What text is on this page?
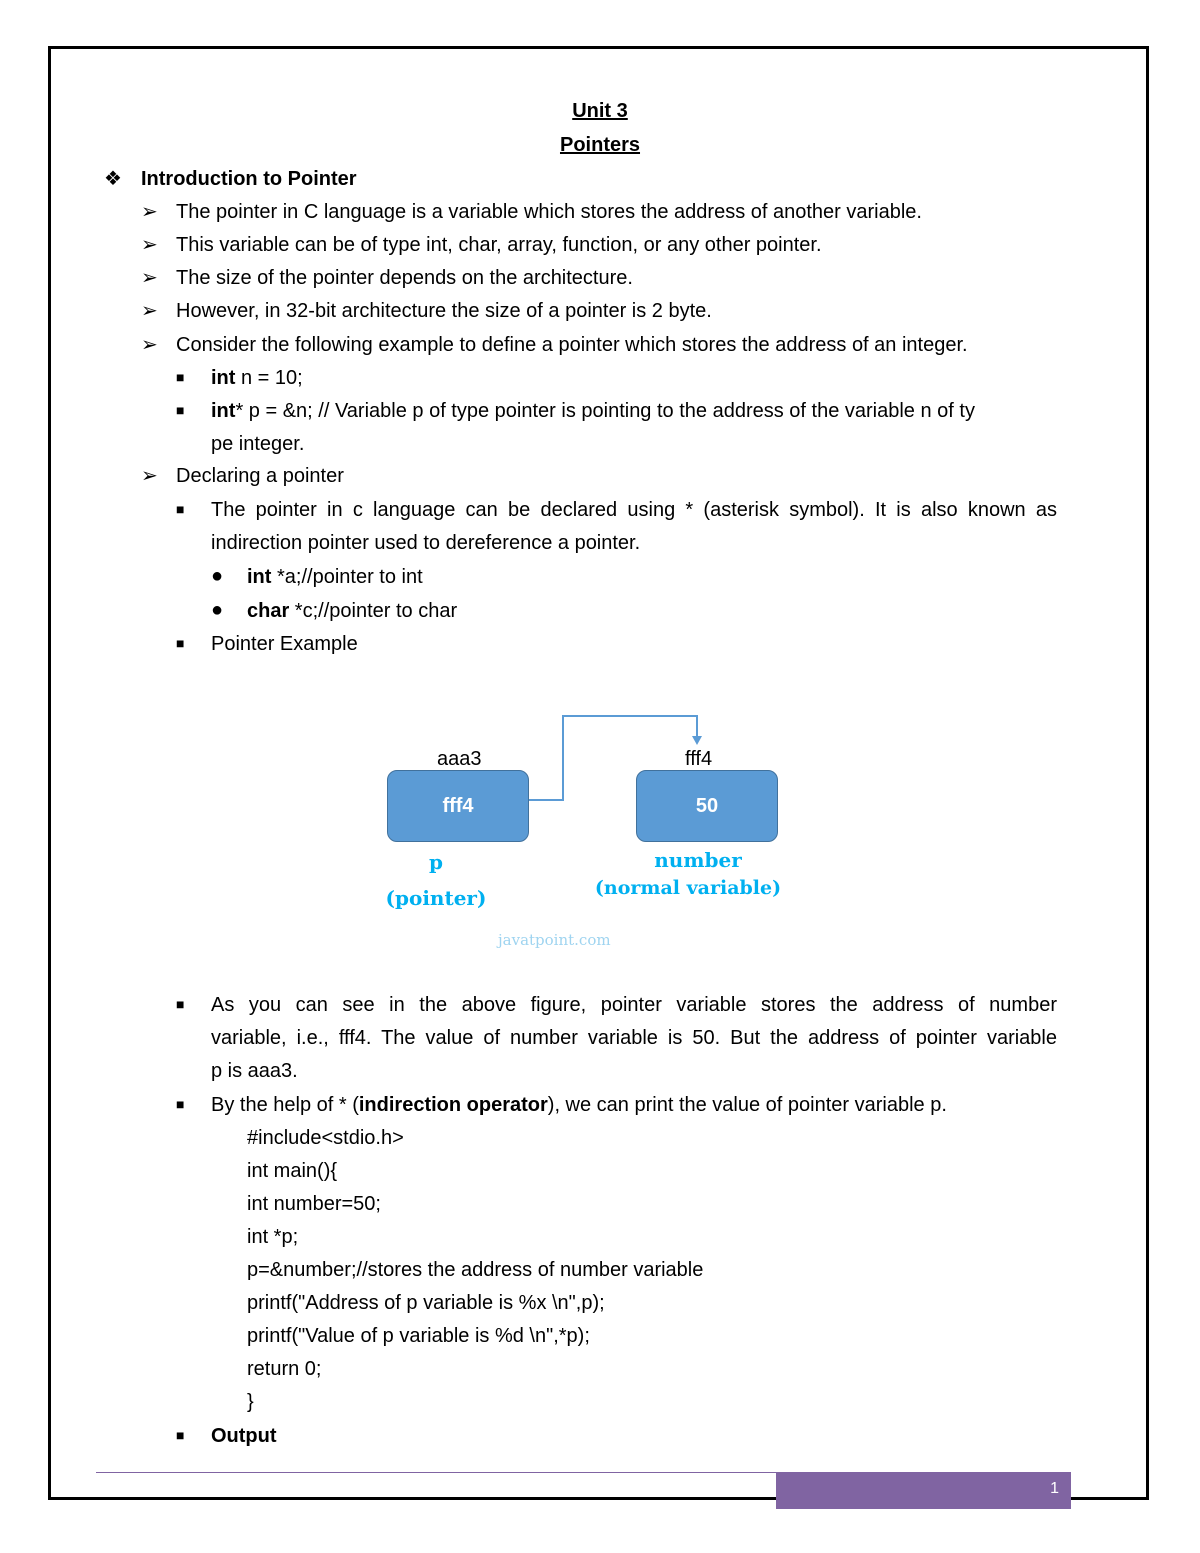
Unit 3
Pointers
❖ Introduction to Pointer
➢ The pointer in C language is a variable which stores the address of another variable.
➢ This variable can be of type int, char, array, function, or any other pointer.
➢ The size of the pointer depends on the architecture.
➢ However, in 32-bit architecture the size of a pointer is 2 byte.
➢ Consider the following example to define a pointer which stores the address of an integer.
■ int n = 10;
■ int* p = &n; // Variable p of type pointer is pointing to the address of the variable n of ty
pe integer.
➢ Declaring a pointer
■ The pointer in c language can be declared using * (asterisk symbol). It is also known as
indirection pointer used to dereference a pointer.
● int *a;//pointer to int
● char *c;//pointer to char
■ Pointer Example
aaa3
fff4
fff4
50
p
(pointer)
number
(normal variable)
javatpoint.com
■ As you can see in the above figure, pointer variable stores the address of number
variable, i.e., fff4. The value of number variable is 50. But the address of pointer variable
p is aaa3.
■ By the help of * (indirection operator), we can print the value of pointer variable p.
#include<stdio.h>
int main(){
int number=50;
int *p;
p=&number;//stores the address of number variable
printf("Address of p variable is %x \n",p);
printf("Value of p variable is %d \n",*p);
return 0;
}
■ Output
1
